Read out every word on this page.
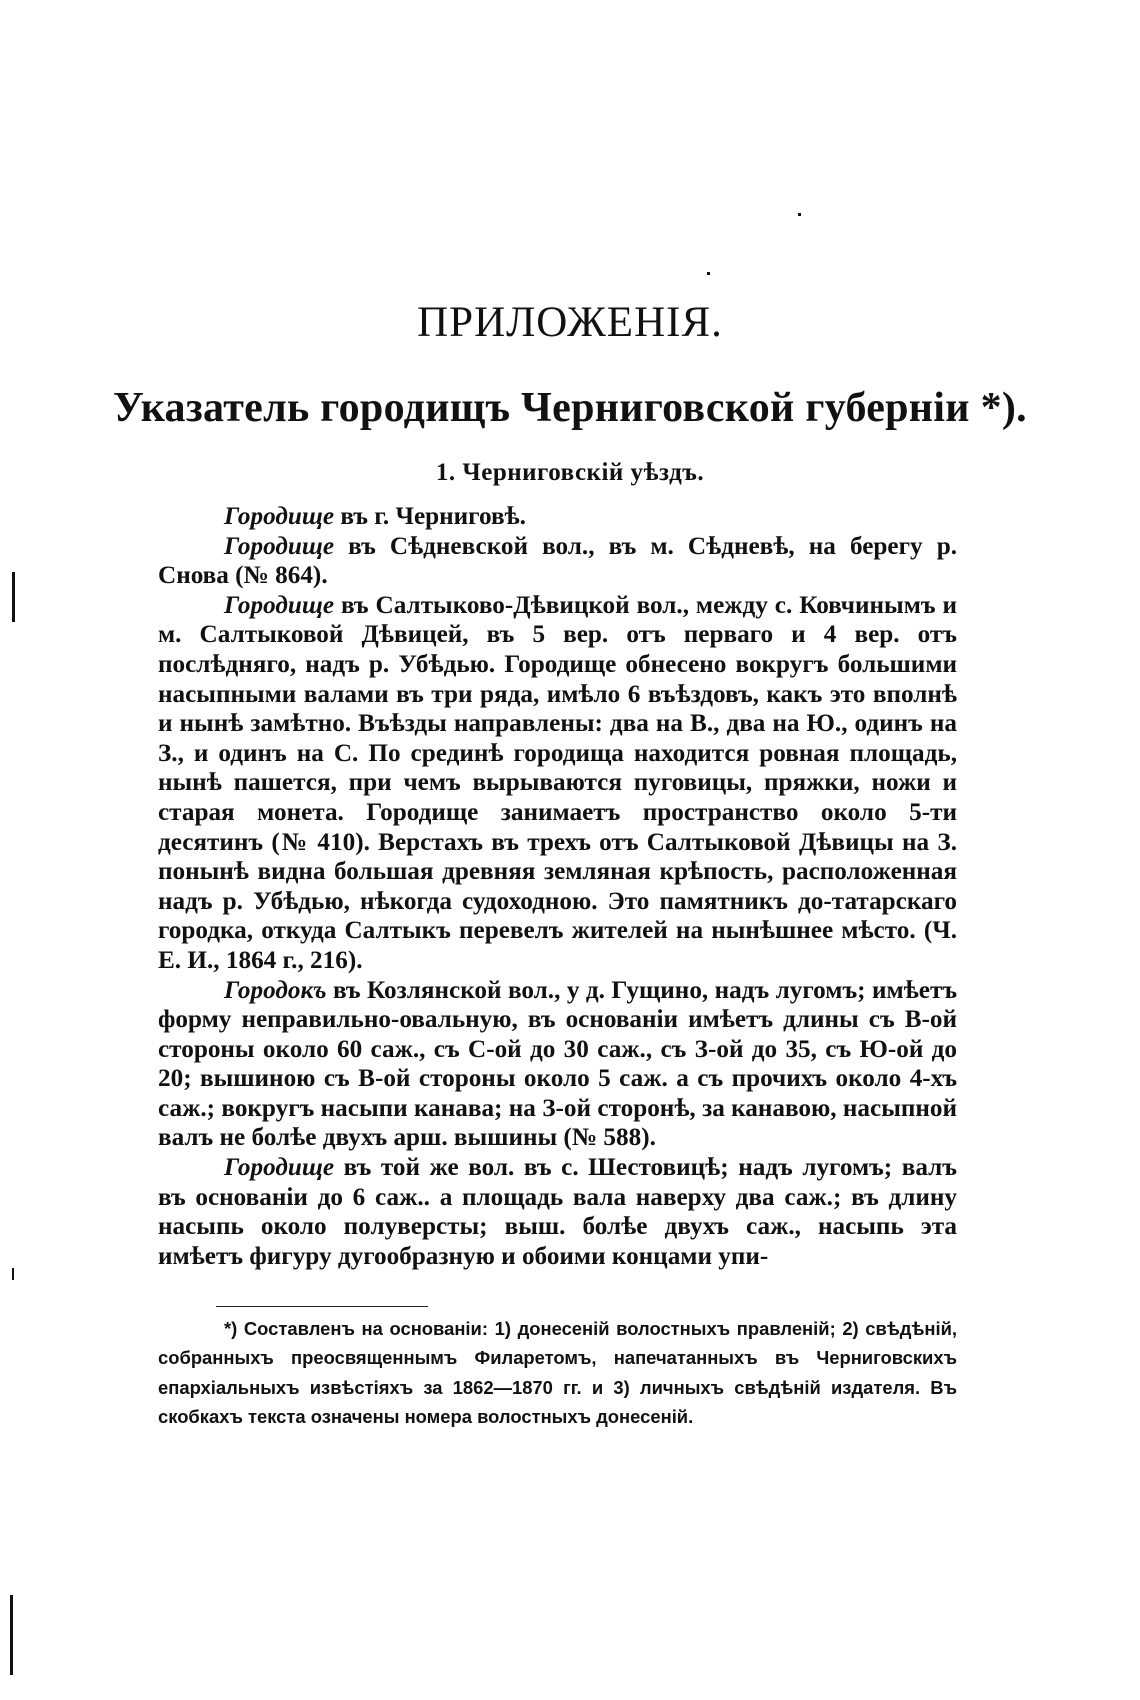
ПРИЛОЖЕНІЯ.
Указатель городищъ Черниговской губерніи *).
1. Черниговскій уѣздъ.

Городище въ г. Черниговѣ.

Городище въ Сѣдневской вол., въ м. Сѣдневѣ, на берегу р. Снова (№ 864).

Городище въ Салтыково-Дѣвицкой вол., между с. Ковчинымъ и м. Салтыковой Дѣвицей, въ 5 вер. отъ перваго и 4 вер. отъ послѣдняго, надъ р. Убѣдью. Городище обнесено вокругъ большими насыпными валами въ три ряда, имѣло 6 въѣздовъ, какъ это вполнѣ и нынѣ замѣтно. Въѣзды направлены: два на В., два на Ю., одинъ на З., и одинъ на С. По срединѣ городища находится ровная площадь, нынѣ пашется, при чемъ вырываются пуговицы, пряжки, ножи и старая монета. Городище занимаетъ пространство около 5-ти десятинъ (№ 410). Верстахъ въ трехъ отъ Салтыковой Дѣвицы на З. понынѣ видна большая древняя земляная крѣпость, расположенная надъ р. Убѣдью, нѣкогда судоходною. Это памятникъ до-татарскаго городка, откуда Салтыкъ перевелъ жителей на нынѣшнее мѣсто. (Ч. Е. И., 1864 г., 216).

Городокъ въ Козлянской вол., у д. Гущино, надъ лугомъ; имѣетъ форму неправильно-овальную, въ основаніи имѣетъ длины съ В-ой стороны около 60 саж., съ С-ой до 30 саж., съ З-ой до 35, съ Ю-ой до 20; вышиною съ В-ой стороны около 5 саж. а съ прочихъ около 4-хъ саж.; вокругъ насыпи канава; на З-ой сторонѣ, за канавою, насыпной валъ не болѣе двухъ арш. вышины (№ 588).

Городище въ той же вол. въ с. Шестовицѣ; надъ лугомъ; валъ въ основаніи до 6 саж.. а площадь вала наверху два саж.; въ длину насыпь около полуверсты; выш. болѣе двухъ саж., насыпь эта имѣетъ фигуру дугообразную и обоими концами упи-

*) Составленъ на основаніи: 1) донесеній волостныхъ правленій; 2) свѣдѣній, собранныхъ преосвященнымъ Филаретомъ, напечатанныхъ въ Черниговскихъ епархіальныхъ извѣстіяхъ за 1862—1870 гг. и 3) личныхъ свѣдѣній издателя. Въ скобкахъ текста означены номера волостныхъ донесеній.
